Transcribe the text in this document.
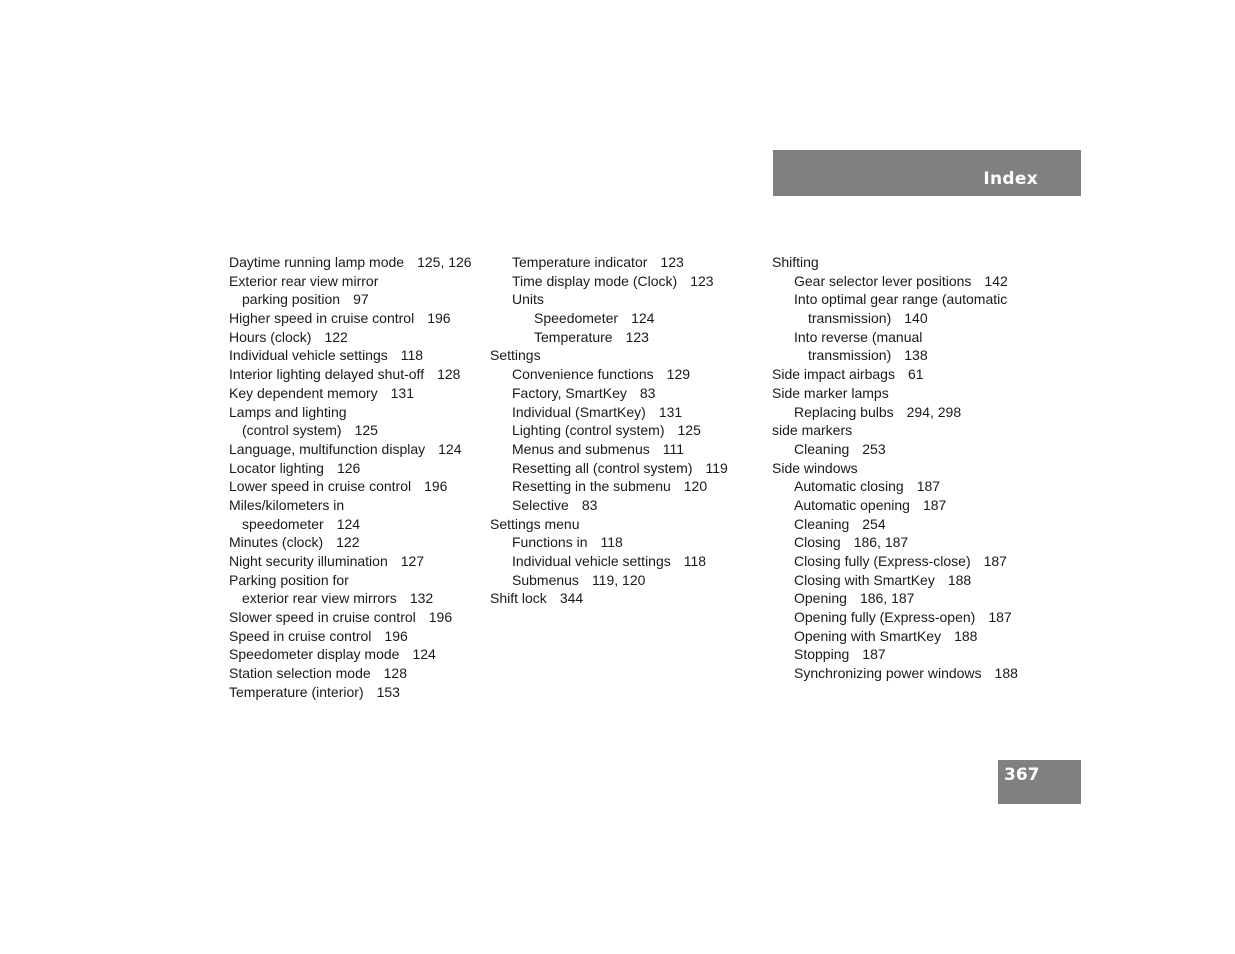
Index
Daytime running lamp mode 125, 126
Exterior rear view mirror
parking position 97
Higher speed in cruise control 196
Hours (clock) 122
Individual vehicle settings 118
Interior lighting delayed shut-off 128
Key dependent memory 131
Lamps and lighting
(control system) 125
Language, multifunction display 124
Locator lighting 126
Lower speed in cruise control 196
Miles/kilometers in
speedometer 124
Minutes (clock) 122
Night security illumination 127
Parking position for
exterior rear view mirrors 132
Slower speed in cruise control 196
Speed in cruise control 196
Speedometer display mode 124
Station selection mode 128
Temperature (interior) 153
Temperature indicator 123
Time display mode (Clock) 123
Units
Speedometer 124
Temperature 123
Settings
Convenience functions 129
Factory, SmartKey 83
Individual (SmartKey) 131
Lighting (control system) 125
Menus and submenus 111
Resetting all (control system) 119
Resetting in the submenu 120
Selective 83
Settings menu
Functions in 118
Individual vehicle settings 118
Submenus 119, 120
Shift lock 344
Shifting
Gear selector lever positions 142
Into optimal gear range (automatic
transmission) 140
Into reverse (manual
transmission) 138
Side impact airbags 61
Side marker lamps
Replacing bulbs 294, 298
side markers
Cleaning 253
Side windows
Automatic closing 187
Automatic opening 187
Cleaning 254
Closing 186, 187
Closing fully (Express-close) 187
Closing with SmartKey 188
Opening 186, 187
Opening fully (Express-open) 187
Opening with SmartKey 188
Stopping 187
Synchronizing power windows 188
367
